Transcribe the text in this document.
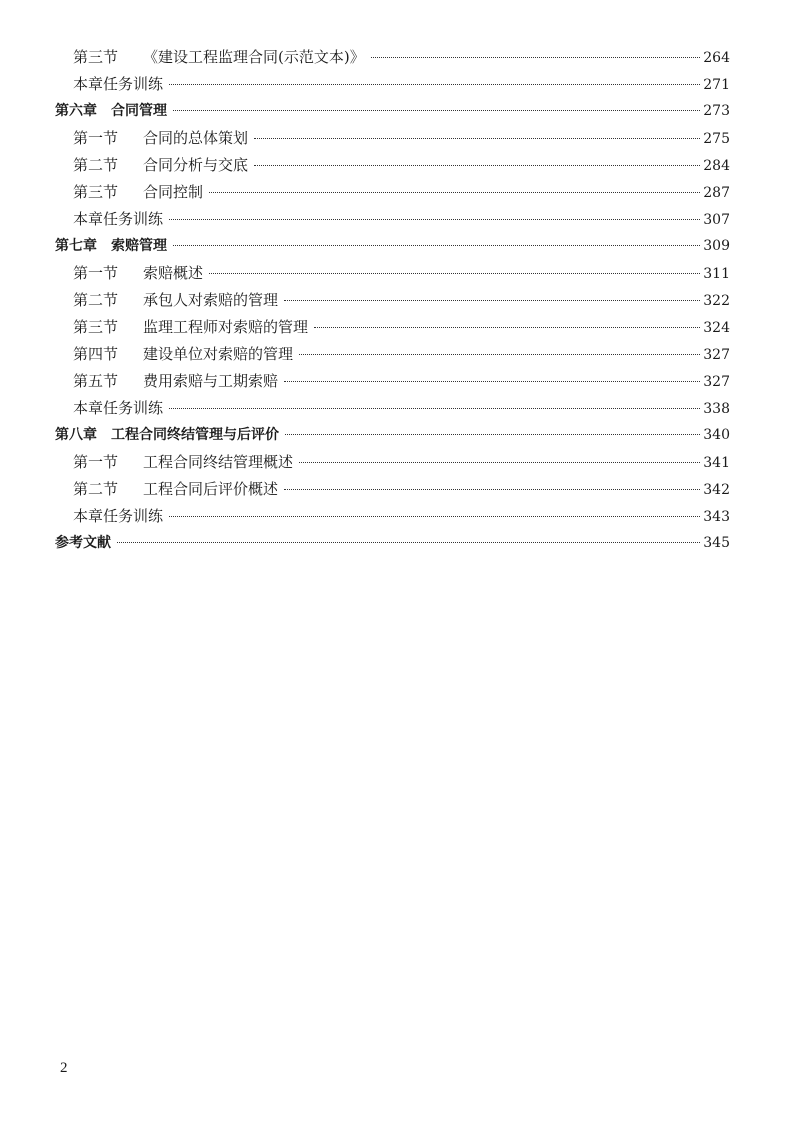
第三节	《建设工程监理合同(示范文本)》	264
本章任务训练	271
第六章 合同管理	273
第一节	合同的总体策划	275
第二节	合同分析与交底	284
第三节	合同控制	287
本章任务训练	307
第七章 索赔管理	309
第一节	索赔概述	311
第二节	承包人对索赔的管理	322
第三节	监理工程师对索赔的管理	324
第四节	建设单位对索赔的管理	327
第五节	费用索赔与工期索赔	327
本章任务训练	338
第八章 工程合同终结管理与后评价	340
第一节	工程合同终结管理概述	341
第二节	工程合同后评价概述	342
本章任务训练	343
参考文献	345
2
